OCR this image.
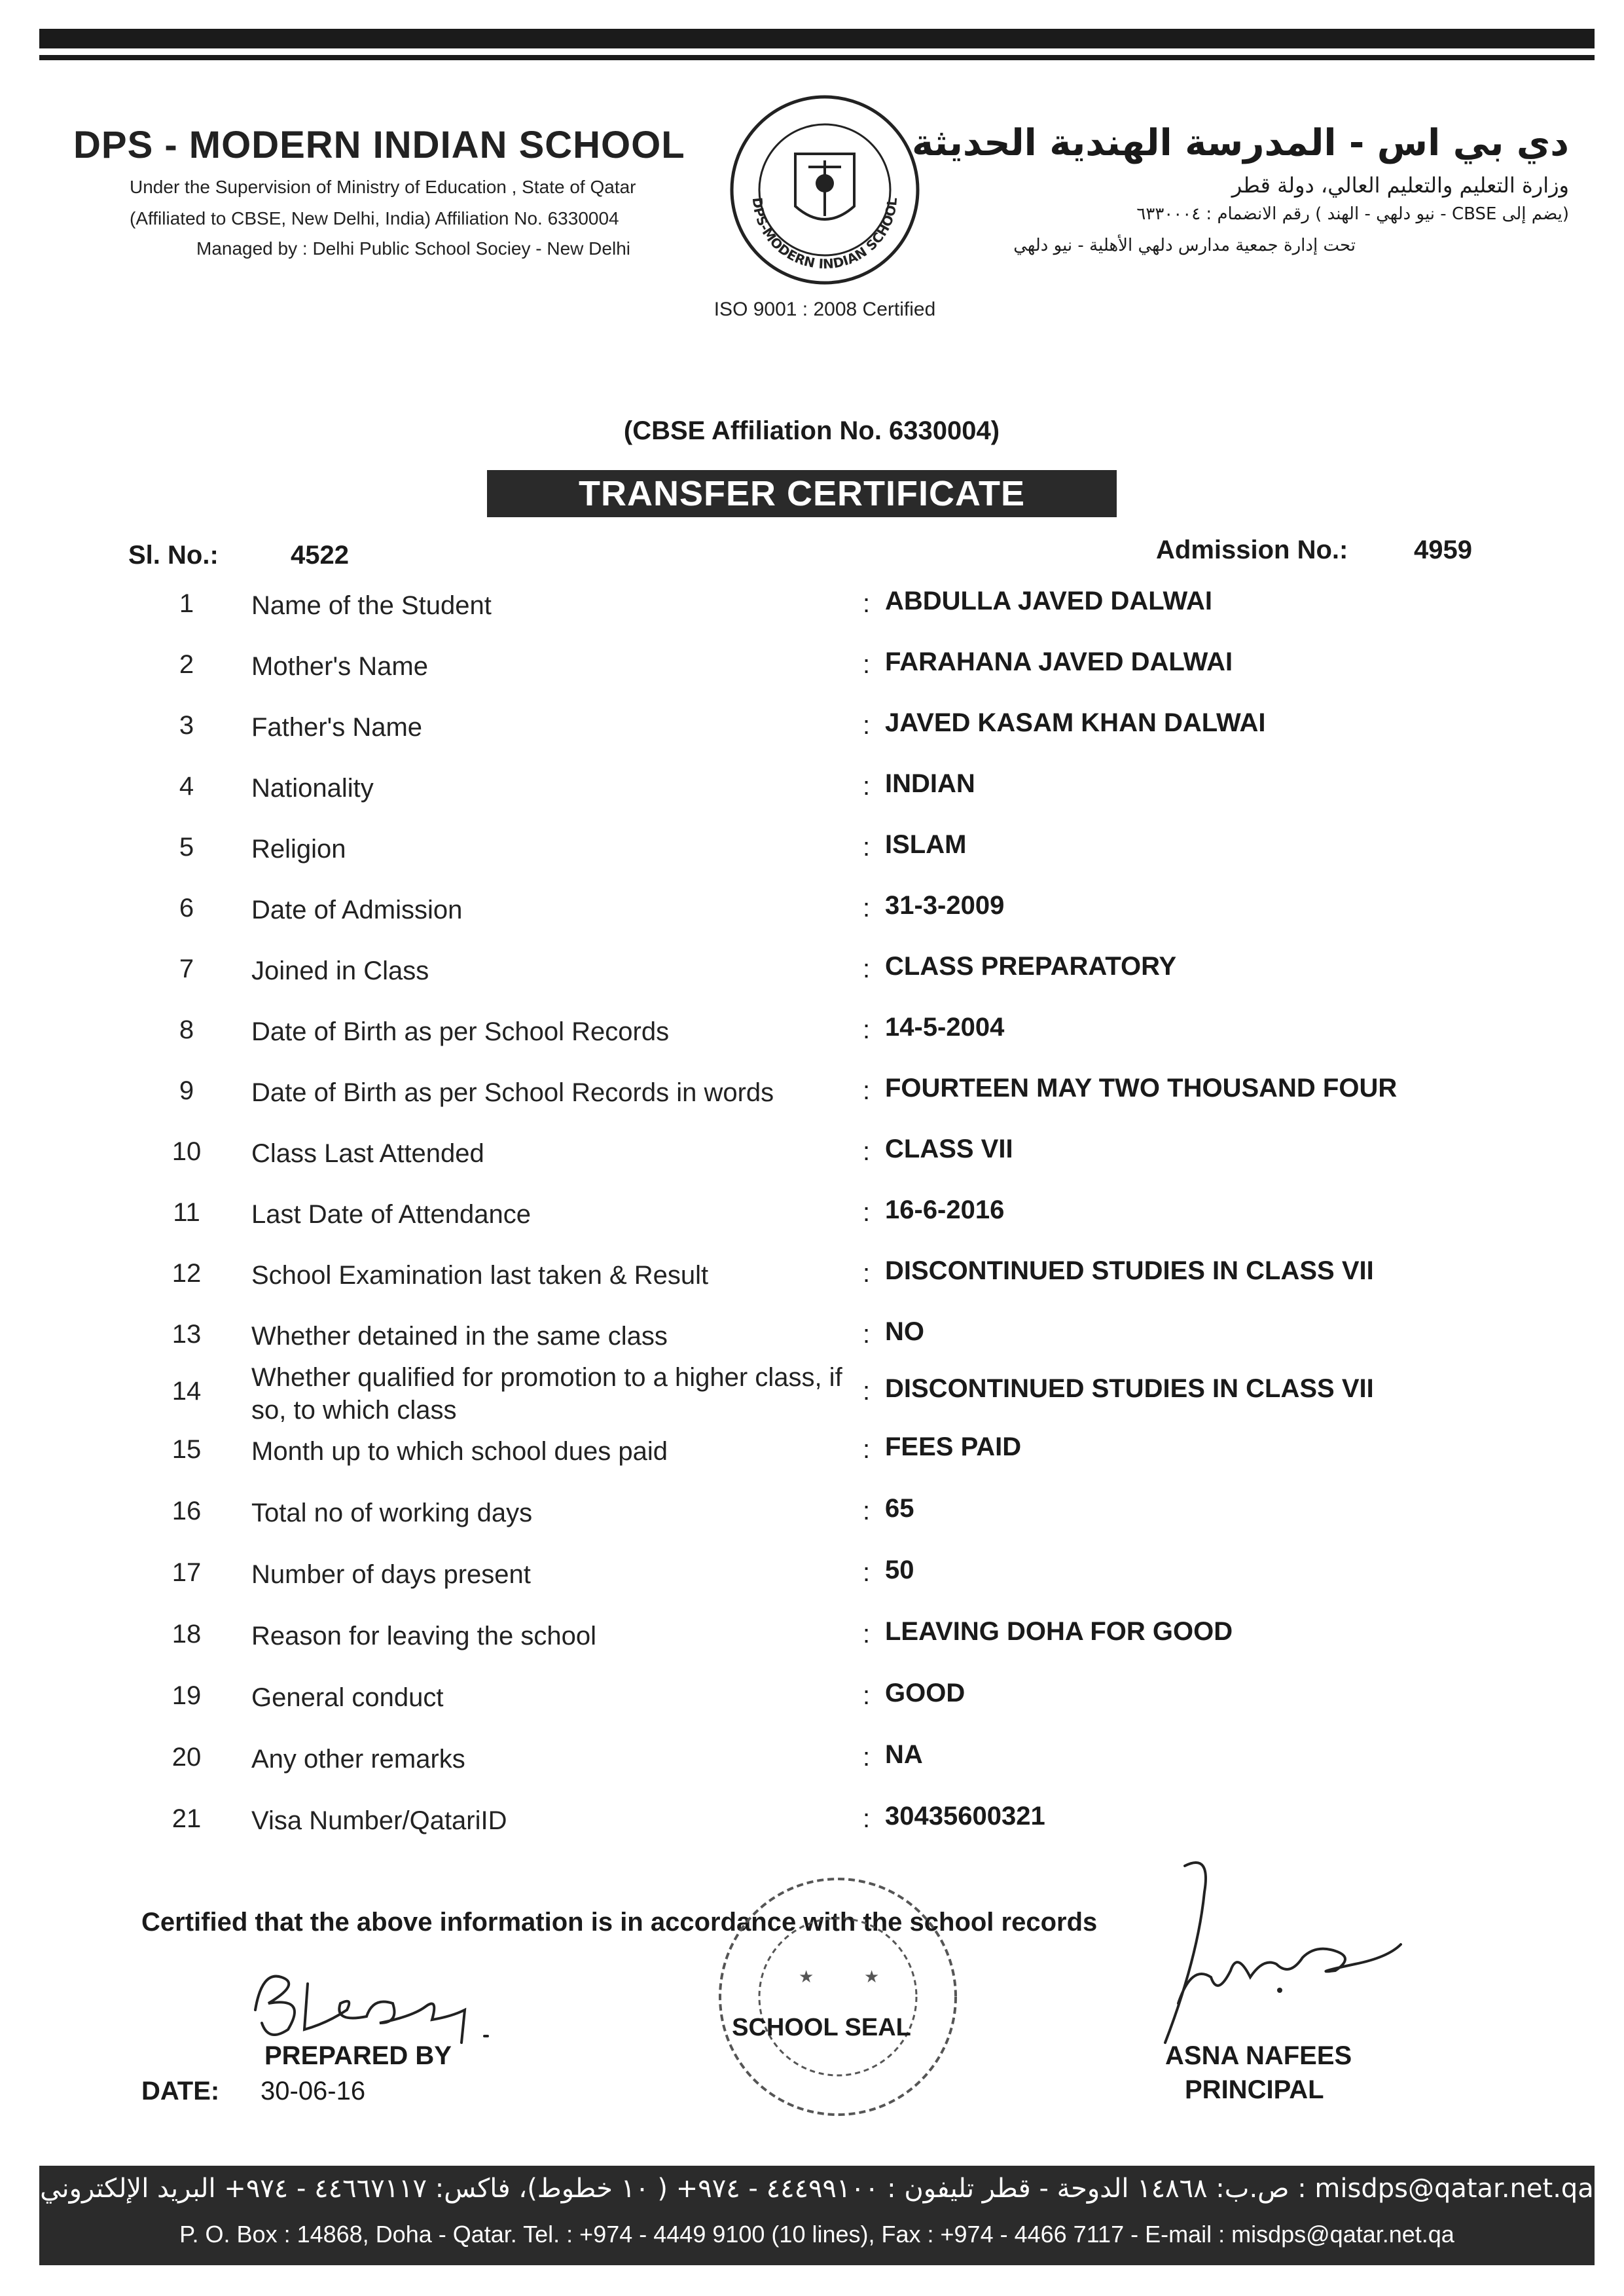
DPS - MODERN INDIAN SCHOOL
Under the Supervision of Ministry of Education , State of Qatar
(Affiliated to CBSE, New Delhi, India) Affiliation No. 6330004
Managed by : Delhi Public School Sociey - New Delhi
دي بي اس - المدرسة الهندية الحديثة
وزارة التعليم والتعليم العالي، دولة قطر
(يضم إلى CBSE - نيو دلهي - الهند ) رقم الانضمام : ٦٣٣٠٠٠٤
تحت إدارة جمعية مدارس دلهي الأهلية - نيو دلهي
DPS-MODERN INDIAN SCHOOL
ISO 9001 : 2008 Certified
(CBSE Affiliation No. 6330004)
TRANSFER CERTIFICATE
Sl. No.:	4522	Admission No.:	4959
1	Name of the Student	: ABDULLA JAVED DALWAI
2	Mother's Name	: FARAHANA JAVED DALWAI
3	Father's Name	: JAVED KASAM KHAN DALWAI
4	Nationality	: INDIAN
5	Religion	: ISLAM
6	Date of Admission	: 31-3-2009
7	Joined in Class	: CLASS PREPARATORY
8	Date of Birth as per School Records	: 14-5-2004
9	Date of Birth as per School Records in words	: FOURTEEN MAY TWO THOUSAND FOUR
10	Class Last Attended	: CLASS VII
11	Last Date of Attendance	: 16-6-2016
12	School Examination last taken & Result	: DISCONTINUED STUDIES IN CLASS VII
13	Whether detained in the same class	: NO
14	Whether qualified for promotion to a higher class, if so, to which class
: DISCONTINUED STUDIES IN CLASS VII
15	Month up to which school dues paid	: FEES PAID
16	Total no of working days	: 65
17	Number of days present	: 50
18	Reason for leaving the school	: LEAVING DOHA FOR GOOD
19	General conduct	: GOOD
20	Any other remarks	: NA
21	Visa Number/QatariID	: 30435600321
Certified that the above information is in accordance with the school records
PREPARED BY
DATE: 30-06-16
★	★
SCHOOL SEAL
ASNA NAFEES
PRINCIPAL
ص.ب: ١٤٨٦٨ الدوحة - قطر تليفون : ٤٤٤٩٩١٠٠ - ٩٧٤+ ( ١٠ خطوط)، فاكس: ٤٤٦٦٧١١٧ - ٩٧٤+ البريد الإلكتروني : misdps@qatar.net.qa
P. O. Box : 14868, Doha - Qatar. Tel. : +974 - 4449 9100 (10 lines), Fax : +974 - 4466 7117 - E-mail : misdps@qatar.net.qa
